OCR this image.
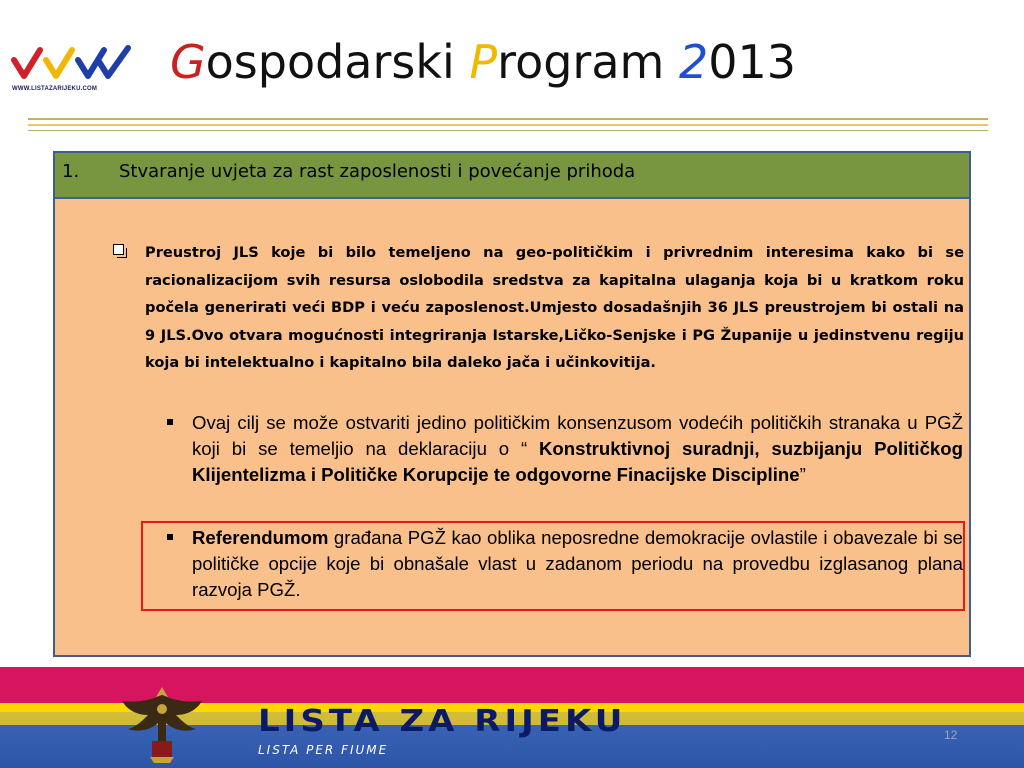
WWW.LISTAZARIJEKU.COM	Gospodarski Program 2013
1. Stvaranje uvjeta za rast zaposlenosti i povećanje prihoda

Preustroj JLS koje bi bilo temeljeno na geo-političkim i privrednim interesima kako bi se racionalizacijom svih resursa oslobodila sredstva za kapitalna ulaganja koja bi u kratkom roku počela generirati veći BDP i veću zaposlenost.Umjesto dosadašnjih 36 JLS preustrojem bi ostali na 9 JLS.Ovo otvara mogućnosti integriranja Istarske,Ličko-Senjske i PG Županije u jedinstvenu regiju koja bi intelektualno i kapitalno bila daleko jača i učinkovitija.

Ovaj cilj se može ostvariti jedino političkim konsenzusom vodećih političkih stranaka u PGŽ koji bi se temeljio na deklaraciju o “ Konstruktivnoj suradnji, suzbijanju Političkog Klijentelizma i Političke Korupcije te odgovorne Finacijske Discipline”
Referendumom građana PGŽ kao oblika neposredne demokracije ovlastile i obavezale bi se političke opcije koje bi obnašale vlast u zadanom periodu na provedbu izglasanog plana razvoja PGŽ.
LISTA ZA RIJEKU
LISTA PER FIUME
12
